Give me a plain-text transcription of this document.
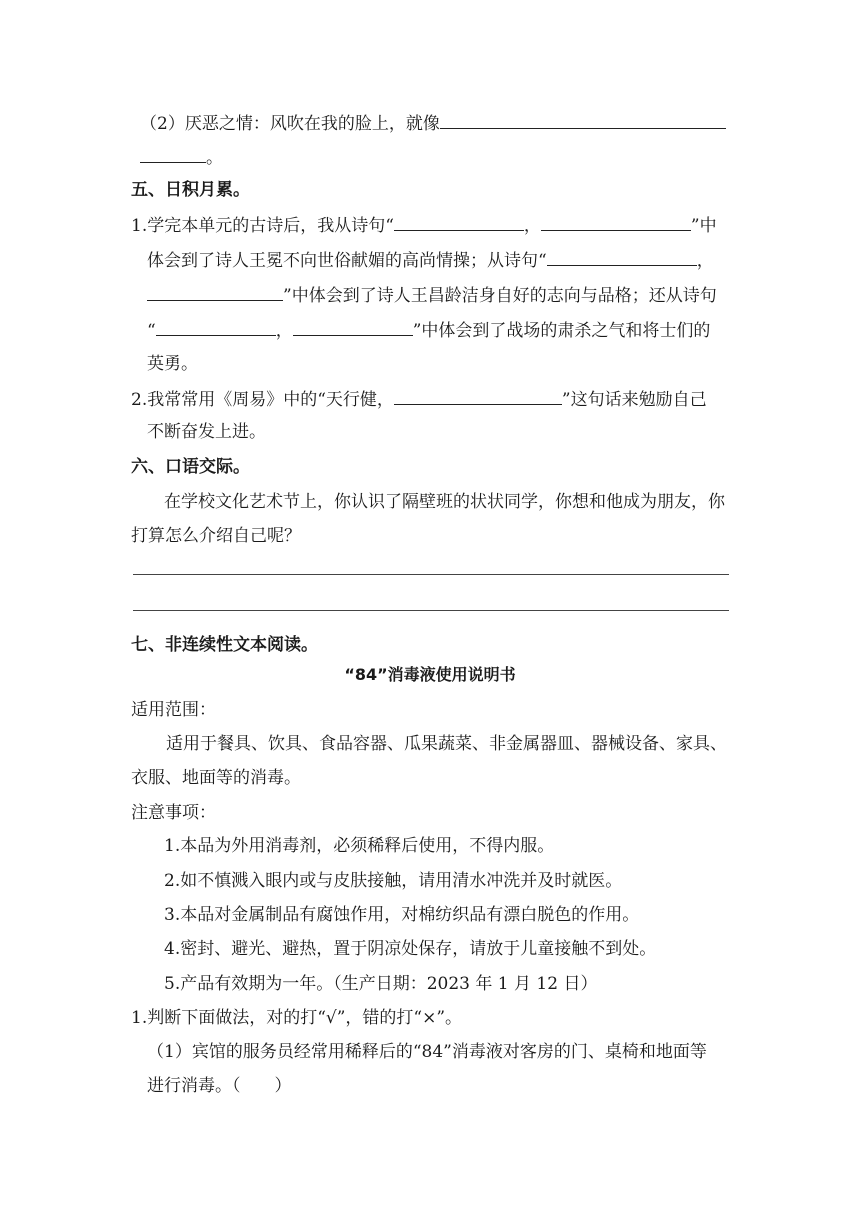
（2）厌恶之情：风吹在我的脸上，就像
。
五、日积月累。
1.学完本单元的古诗后，我从诗句“	，	”中
体会到了诗人王冕不向世俗献媚的高尚情操；从诗句“	，
”中体会到了诗人王昌龄洁身自好的志向与品格；还从诗句
“	，	”中体会到了战场的肃杀之气和将士们的
英勇。
2.我常常用《周易》中的“天行健，	”这句话来勉励自己
不断奋发上进。
六、口语交际。
在学校文化艺术节上，你认识了隔壁班的状状同学，你想和他成为朋友，你
打算怎么介绍自己呢？
七、非连续性文本阅读。
“84”消毒液使用说明书
适用范围：
适用于餐具、饮具、食品容器、瓜果蔬菜、非金属器皿、器械设备、家具、
衣服、地面等的消毒。
注意事项：
1.本品为外用消毒剂，必须稀释后使用，不得内服。
2.如不慎溅入眼内或与皮肤接触，请用清水冲洗并及时就医。
3.本品对金属制品有腐蚀作用，对棉纺织品有漂白脱色的作用。
4.密封、避光、避热，置于阴凉处保存，请放于儿童接触不到处。
5.产品有效期为一年。（生产日期：2023 年 1 月 12 日）
1.判断下面做法，对的打“√”，错的打“×”。
（1）宾馆的服务员经常用稀释后的“84”消毒液对客房的门、桌椅和地面等
进行消毒。（　　）
